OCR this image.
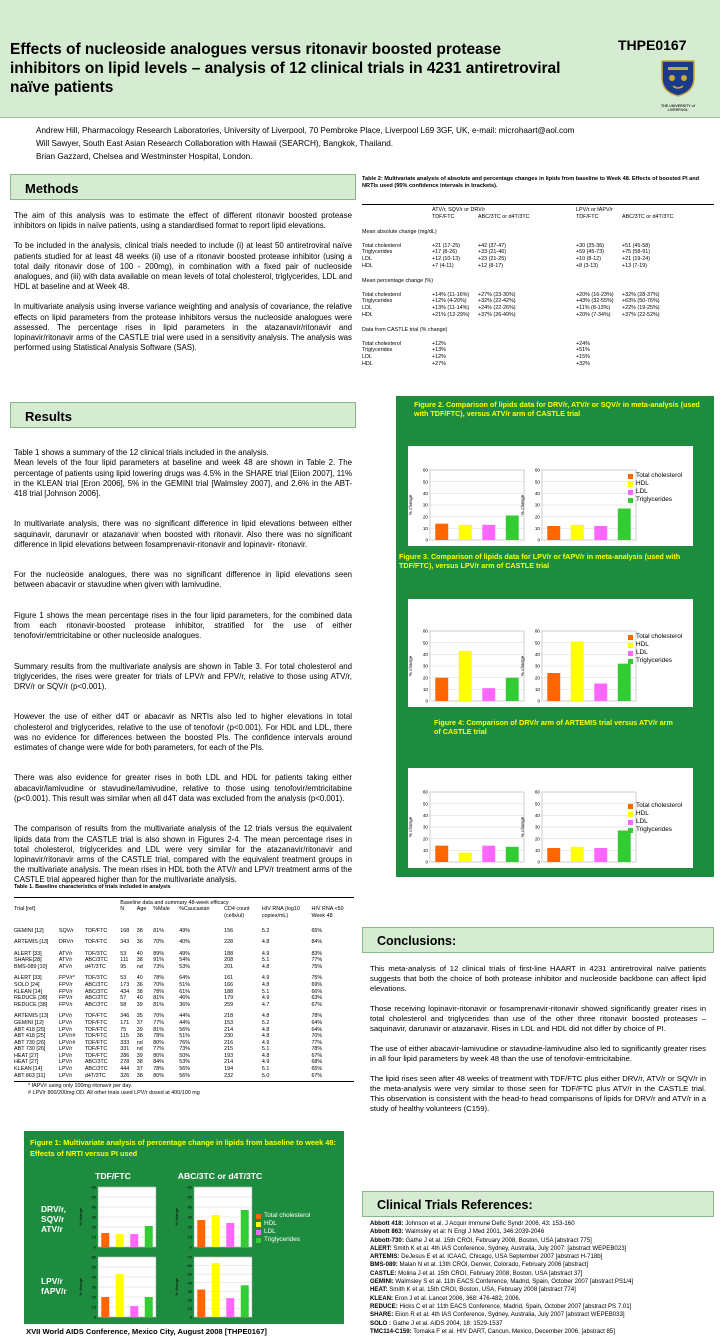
Effects of nucleoside analogues versus ritonavir boosted protease inhibitors on lipid levels – analysis of 12 clinical trials in 4231 antiretroviral naïve patients
THPE0167
THE UNIVERSITY of LIVERPOOL
Andrew Hill, Pharmacology Research Laboratories, University of Liverpool, 70 Pembroke Place, Liverpool L69 3GF, UK, e-mail: microhaart@aol.com
Will Sawyer, South East Asian Research Collaboration with Hawaii (SEARCH), Bangkok, Thailand.
Brian Gazzard, Chelsea and Westminster Hospital, London.
Methods

The aim of this analysis was to estimate the effect of different ritonavir boosted protease inhibitors on lipids in naïve patients, using a standardised format to report lipid elevations.

To be included in the analysis, clinical trials needed to include (i) at least 50 antiretroviral naïve patients studied for at least 48 weeks (ii) use of a ritonavir boosted protease inhibitor (using a total daily ritonavir dose of 100 - 200mg), in combination with a fixed pair of nucleoside analogues, and (iii) with data available on mean levels of total cholesterol, triglycerides, LDL and HDL at baseline and at Week 48.

In multivariate analysis using inverse variance weighting and analysis of covariance, the relative effects on lipid parameters from the protease inhibitors versus the nucleoside analogues were assessed. The percentage rises in lipid parameters in the atazanavir/ritonavir and lopinavir/ritonavir arms of the CASTLE trial were used in a sensitivity analysis. The analysis was performed using Statistical Analysis Software (SAS).

Results

Table 1 shows a summary of the 12 clinical trials included in the analysis.
Mean levels of the four lipid parameters at baseline and week 48 are shown in Table 2. The percentage of patients using lipid lowering drugs was 4.5% in the SHARE trial [Eiion 2007], 11% in the KLEAN trial [Eron 2006], 5% in the GEMINI trial [Walmsley 2007], and 2.6% in the ABT-418 trial [Johnson 2006].

In multivariate analysis, there was no significant difference in lipid elevations between either saquinavir, darunavir or atazanavir when boosted with ritonavir. Also there was no significant difference in lipid elevations between fosamprenavir-ritonavir and lopinavir- ritonavir.

For the nucleoside analogues, there was no significant difference in lipid elevations seen between abacavir or stavudine when given with lamivudine.

Figure 1 shows the mean percentage rises in the four lipid parameters, for the combined data from each ritonavir-boosted protease inhibitor, stratified for the use of either tenofovir/emtricitabine or other nucleoside analogues.

Summary results from the multivariate analysis are shown in Table 3. For total cholesterol and triglycerides, the rises were greater for trials of LPV/r and FPV/r, relative to those using ATV/r, DRV/r or SQV/r (p<0.001).

However the use of either d4T or abacavir as NRTIs also led to higher elevations in total cholesterol and triglycerides, relative to the use of tenofovir (p<0.001). For HDL and LDL, there was no evidence for differences between the boosted PIs. The confidence intervals around estimates of change were wide for both parameters, for each of the PIs.

There was also evidence for greater rises in both LDL and HDL for patients taking either abacavir/lamivudine or stavudine/lamivudine, relative to those using tenofovir/emtricitabine (p<0.001). This result was similar when all d4T data was excluded from the analysis (p<0.001).

The comparison of results from the multivariate analysis of the 12 trials versus the equivalent lipids data from the CASTLE trial is also shown in Figures 2-4. The mean percentage rises in total cholesterol, triglycerides and LDL were very similar for the atazanavir/ritonavir and lopinavir/ritonavir arms of the CASTLE trial, compared with the equivalent treatment groups in the multivariate analysis. The mean rises in HDL both the ATV/r and LPV/r treatment arms of the CASTLE trial appeared higher than for the multivariate analysis.

Table 1. Baseline characteristics of trials included in analysis
			Baseline data and summary 48-week efficacy						
Trial [ref]			N	Age	%Male	%Caucasian	CD4 count (cells/ul)	HIV RNA (log10 copies/mL)	HIV RNA <50 Week 48

GEMINI [12]	SQV/r	TDF/FTC	168	38	81%	49%	156	5.2	65%

ARTEMIS [13]	DRV/r	TDF/FTC	343	36	70%	40%	228	4.8	84%

ALERT [33]	ATV/r	TDF/3TC	53	40	89%	49%	188	4.9	83%
SHARE[28]	ATV/r	ABC/3TC	111	38	91%	54%	208	5.1	77%
BMS-089 [10]	ATV/r	d4T/3TC	95	nd	73%	53%	201	4.8	75%

ALERT [33]	FPV/r*	TDF/3TC	53	40	78%	64%	161	4.9	75%
SOLO [24]	FPV/r	ABC/3TC	173	36	70%	51%	166	4.8	69%
KLEAN [14]	FPV/r	ABC/3TC	434	38	78%	61%	188	5.1	66%
REDUCE [38]	FPV/r	ABC/3TC	57	40	81%	46%	179	4.9	63%
REDUCE [38]	FPV/r	ABC/3TC	58	39	81%	36%	259	4.7	67%

ARTEMIS [13]	LPV/r	TDF/FTC	346	35	70%	44%	218	4.8	78%
GEMINI [12]	LPV/r	TDF/FTC	171	37	77%	44%	153	5.2	64%
ABT 418 [25]	LPV/r	TDF/FTC	75	39	81%	56%	214	4.8	64%
ABT 418 [25]	LPV/r#	TDF/FTC	115	38	78%	51%	230	4.8	70%
ABT 730 [26]	LPV/r#	TDF/FTC	333	nd	80%	76%	216	4.9	77%
ABT 730 [26]	LPV/r	TDF/FTC	331	nd	77%	73%	215	5.1	78%
HEAT [27]	LPV/r	TDF/FTC	286	39	80%	50%	193	4.8	67%
HEAT [27]	LPV/r	ABC/3TC	278	38	84%	53%	214	4.9	68%
KLEAN [14]	LPV/r	ABC/3TC	444	37	78%	56%	194	5.1	65%
ABT 863 [11]	LPV/r	d4T/3TC	326	38	80%	56%	232	5.0	67%
* fAPV/r using only 100mg ritonavir per day.
# LPV/r 800/200mg OD. All other trials used LPV/r dosed at 400/100 mg
Figure 1: Multivariate analysis of percentage change in lipids from baseline to week 48: Effects of NRTI versus PI used
TDF/FTC	ABC/3TC or d4T/3TC
DRV/r, SQV/r ATV/r
LPV/r fAPV/r
0
10
20
30
40
50
60
% change
0
10
20
30
40
50
60
% change
0
10
20
30
40
50
60
% change
0
10
20
30
40
50
60
70
% change
Total cholesterol
HDL
LDL
Triglycerides
XVII World AIDS Conference, Mexico City, August 2008 [THPE0167]
Table 2: Multivariate analysis of absolute and percentage changes in lipids from baseline to Week 48. Effects of boosted PI and NRTIs used (95% confidence intervals in brackets).
	ATV/r, SQV/r or DRV/r		LPV/r or fAPV/r	
	TDF/FTC	ABC/3TC or d4T/3TC	TDF/FTC	ABC/3TC or d4T/3TC

Mean absolute change (mg/dL)				

Total cholesterol	+21 (17-25)	+42 (37-47)	+30 (25-36)	+51 (45-58)
Triglycerides	+17 (8-26)	+33 (21-46)	+59 (45-73)	+75 (58-91)
LDL	+12 (10-13)	+23 (21-25)	+10 (8-12)	+21 (19-24)
HDL	+7 (4-11)	+12 (8-17)	+8 (3-13)	+13 (7-19)

Mean percentage change (%)				

Total cholesterol	+14% (11-16%)	+27% (23-30%)	+20% (16-23%)	+32% (28-37%)
Triglycerides	+12% (4-20%)	+32% (22-42%)	+43% (32-55%)	+63% (50-76%)
LDL	+13% (11-14%)	+24% (22-26%)	+11% (8-13%)	+22% (19-25%)
HDL	+21% (12-29%)	+37% (26-49%)	+20% (7-34%)	+37% (22-52%)

Data from CASTLE trial (% change)				

Total cholesterol	+12%		+24%	
Triglycerides	+13%		+51%	
LDL	+12%		+15%	
HDL	+27%		+32%	
Figure 2. Comparison of lipids data for DRV/r, ATV/r or SQV/r in meta-analysis (used with TDF/FTC), versus ATV/r arm of CASTLE trial
TDF/FTC with DRV/r, SQV/r or ATV/r CASTLE : TDF/FTC with ATV/r only
0
10
20
30
40
50
60
% change
0
10
20
30
40
50
60
% change
Total cholesterol
HDL
LDL
Triglycerides
Figure 3. Comparison of lipids data for LPV/r or fAPV/r in meta-analysis (used with TDF/FTC), versus LPV/r arm of CASTLE trial
TDF/FTC with fAPV/r or LPV/r	CASTLE : TDF/FTC with LPV/r only
0
10
20
30
40
50
60
% change
0
10
20
30
40
50
60
% change
Total cholesterol
HDL
LDL
Triglycerides
Figure 4: Comparison of DRV/r arm of ARTEMIS trial versus ATV/r arm of CASTLE trial
ARTEMIS : TDF/FTC with DRV/r	CASTLE : TDF/FTC with ATV/r only
0
10
20
30
40
50
60
% change
0
10
20
30
40
50
60
% change
Total cholesterol
HDL
LDL
Triglycerides
Conclusions:

This meta-analysis of 12 clinical trials of first-line HAART in 4231 antiretroviral naïve patients suggests that both the choice of both protease inhibitor and nucleoside backbone can affect lipid elevations.

Those receiving lopinavir-ritonavir or fosamprenavir-ritonavir showed significantly greater rises in total cholesterol and triglycerides than use of the other three ritonavir boosted proteases – saquinavir, darunavir or atazanavir. Rises in LDL and HDL did not differ by choice of PI.

The use of either abacavir-lamivudine or stavudine-lamivudine also led to significantly greater rises in all four lipid parameters by week 48 than the use of tenofovir-emtricitabine.

The lipid rises seen after 48 weeks of treatment with TDF/FTC plus either DRV/r, ATV/r or SQV/r in the meta-analysis were very similar to those seen for TDF/FTC plus ATV/r in the CASTLE trial. This observation is consistent with the head-to head comparisons of lipids for DRV/r and ATV/r in a study of healthy volunteers (C159).

Clinical Trials References:
Abbott 418: Johnson et al. J Acquir Immune Defic Syndr 2006, 43: 153-160
Abbott 863: Walmsley et al: N Engl J Med 2001, 346:2039-2046
Abbott-730: Gathe J et al. 15th CROI, February 2008, Boston, USA [abstract 775]
ALERT: Smith K et al. 4th IAS Conference, Sydney, Australia, July 2007: [abstract WEPEB023]
ARTEMIS: DeJesus E et al. ICAAC, Chicago, USA September 2007 [abstract H-718b]
BMS-089: Malan N et al. 13th CROI, Denver, Colorado, February 2006 [abstract]
CASTLE: Molina J et al. 15th CROI, February 2008, Boston, USA [abstract 37]
GEMINI: Walmsley S et al. 11th EACS Conference, Madrid, Spain, October 2007 [abstract PS1/4]
HEAT: Smith K et al. 15th CROI, Boston, USA, February 2008 [abstract 774]
KLEAN: Eron J et al. Lancet 2006, 368: 476-482, 2006.
REDUCE: Hicks C et al: 11th EACS Conference, Madrid, Spain, October 2007 [abstract PS 7.01]
SHARE: Eiion R et al. 4th IAS Conference, Sydney, Australia, July 2007 [abstract WEPEB033]
SOLO : Gathe J et al. AIDS 2004, 18: 1529-1537
TMC114-C159: Tomaka F et al. HIV DART, Cancun, Mexico, December 2006. [abstract 85]
